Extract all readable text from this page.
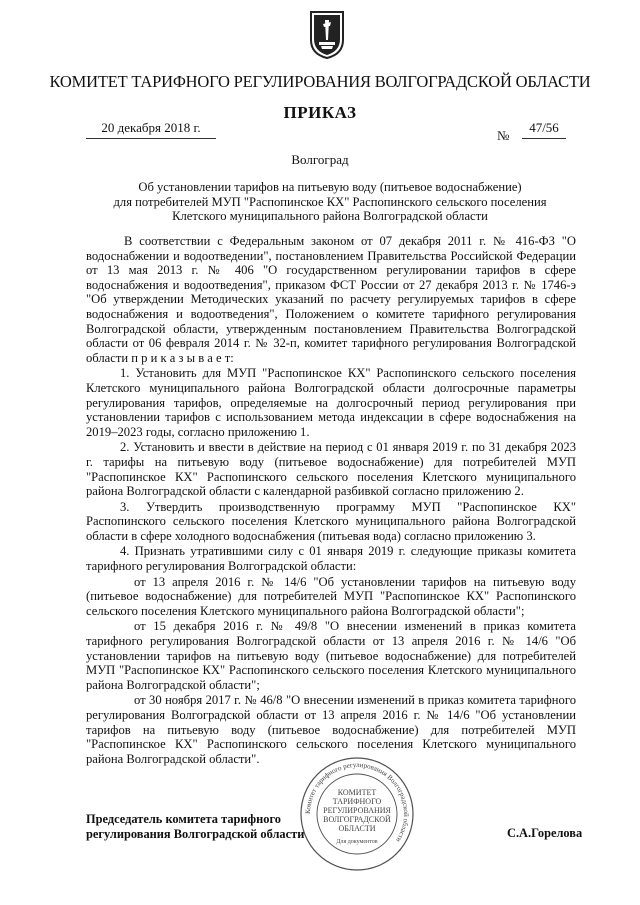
КОМИТЕТ ТАРИФНОГО РЕГУЛИРОВАНИЯ ВОЛГОГРАДСКОЙ ОБЛАСТИ
ПРИКАЗ
20 декабря 2018 г.
№
47/56
Волгоград
Об установлении тарифов на питьевую воду (питьевое водоснабжение)
для потребителей МУП "Распопинское КХ" Распопинского сельского поселения
Клетского муниципального района Волгоградской области

В соответствии с Федеральным законом от 07 декабря 2011 г. № 416-ФЗ "О водоснабжении и водоотведении", постановлением Правительства Российской Федерации от 13 мая 2013 г. № 406 "О государственном регулировании тарифов в сфере водоснабжения и водоотведения", приказом ФСТ России от 27 декабря 2013 г. № 1746-э "Об утверждении Методических указаний по расчету регулируемых тарифов в сфере водоснабжения и водоотведения", Положением о комитете тарифного регулирования Волгоградской области, утвержденным постановлением Правительства Волгоградской области от 06 февраля 2014 г. № 32-п, комитет тарифного регулирования Волгоградской области п р и к а з ы в а е т:

1. Установить для МУП "Распопинское КХ" Распопинского сельского поселения Клетского муниципального района Волгоградской области долгосрочные параметры регулирования тарифов, определяемые на долгосрочный период регулирования при установлении тарифов с использованием метода индексации в сфере водоснабжения на 2019–2023 годы, согласно приложению 1.

2. Установить и ввести в действие на период с 01 января 2019 г. по 31 декабря 2023 г. тарифы на питьевую воду (питьевое водоснабжение) для потребителей МУП "Распопинское КХ" Распопинского сельского поселения Клетского муниципального района Волгоградской области с календарной разбивкой согласно приложению 2.

3. Утвердить производственную программу МУП "Распопинское КХ" Распопинского сельского поселения Клетского муниципального района Волгоградской области в сфере холодного водоснабжения (питьевая вода) согласно приложению 3.

4. Признать утратившими силу с 01 января 2019 г. следующие приказы комитета тарифного регулирования Волгоградской области:

от 13 апреля 2016 г. № 14/6 "Об установлении тарифов на питьевую воду (питьевое водоснабжение) для потребителей МУП "Распопинское КХ" Распопинского сельского поселения Клетского муниципального района Волгоградской области";

от 15 декабря 2016 г. № 49/8 "О внесении изменений в приказ комитета тарифного регулирования Волгоградской области от 13 апреля 2016 г. № 14/6 "Об установлении тарифов на питьевую воду (питьевое водоснабжение) для потребителей МУП "Распопинское КХ" Распопинского сельского поселения Клетского муниципального района Волгоградской области";

от 30 ноября 2017 г. № 46/8 "О внесении изменений в приказ комитета тарифного регулирования Волгоградской области от 13 апреля 2016 г. № 14/6 "Об установлении тарифов на питьевую воду (питьевое водоснабжение) для потребителей МУП "Распопинское КХ" Распопинского сельского поселения Клетского муниципального района Волгоградской области".

Председатель комитета тарифного
регулирования Волгоградской области	С.А.Горелова
Комитет тарифного регулирования Волгоградской области
КОМИТЕТ
ТАРИФНОГО
РЕГУЛИРОВАНИЯ
ВОЛГОГРАДСКОЙ
ОБЛАСТИ
Для документов
